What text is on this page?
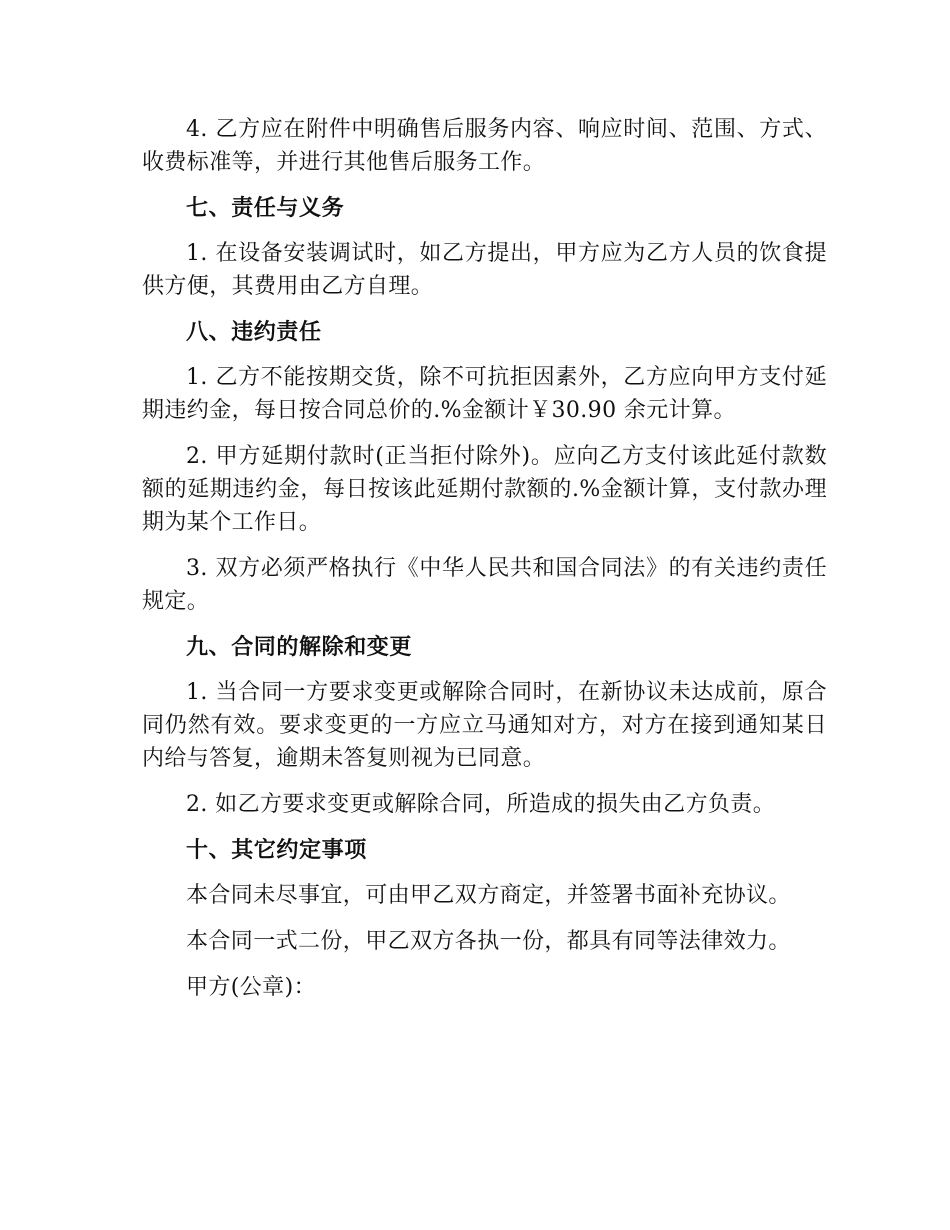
4. 乙方应在附件中明确售后服务内容、响应时间、范围、方式、收费标准等，并进行其他售后服务工作。

七、责任与义务

1. 在设备安装调试时，如乙方提出，甲方应为乙方人员的饮食提供方便，其费用由乙方自理。

八、违约责任

1. 乙方不能按期交货，除不可抗拒因素外，乙方应向甲方支付延期违约金，每日按合同总价的.%金额计￥30.90 余元计算。

2. 甲方延期付款时(正当拒付除外)。应向乙方支付该此延付款数额的延期违约金，每日按该此延期付款额的.%金额计算，支付款办理期为某个工作日。

3. 双方必须严格执行《中华人民共和国合同法》的有关违约责任规定。

九、合同的解除和变更

1. 当合同一方要求变更或解除合同时，在新协议未达成前，原合同仍然有效。要求变更的一方应立马通知对方，对方在接到通知某日内给与答复，逾期未答复则视为已同意。

2. 如乙方要求变更或解除合同，所造成的损失由乙方负责。

十、其它约定事项

本合同未尽事宜，可由甲乙双方商定，并签署书面补充协议。

本合同一式二份，甲乙双方各执一份，都具有同等法律效力。

甲方(公章)：
